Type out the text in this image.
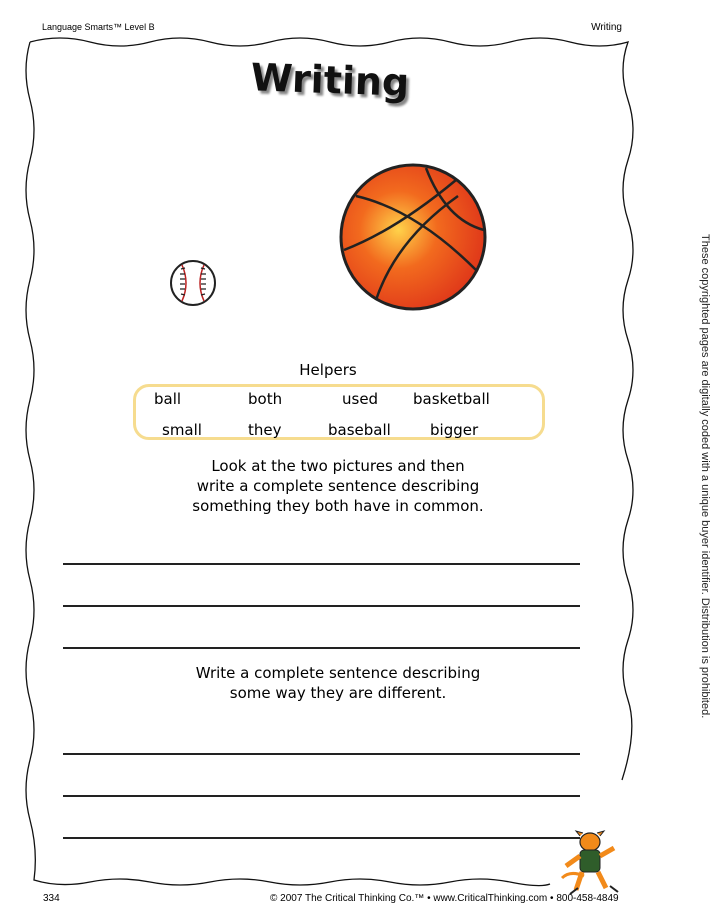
Language Smarts™ Level B	Writing
Writing
Helpers
ball	both	used basketball
small	they	baseball	bigger
Look at the two pictures and then
write a complete sentence describing
something they both have in common.
Write a complete sentence describing
some way they are different.	These copyrighted pages are digitally coded with a unique buyer identifier. Distribution is prohibited.
334	© 2007 The Critical Thinking Co.™ • www.CriticalThinking.com • 800-458-4849
